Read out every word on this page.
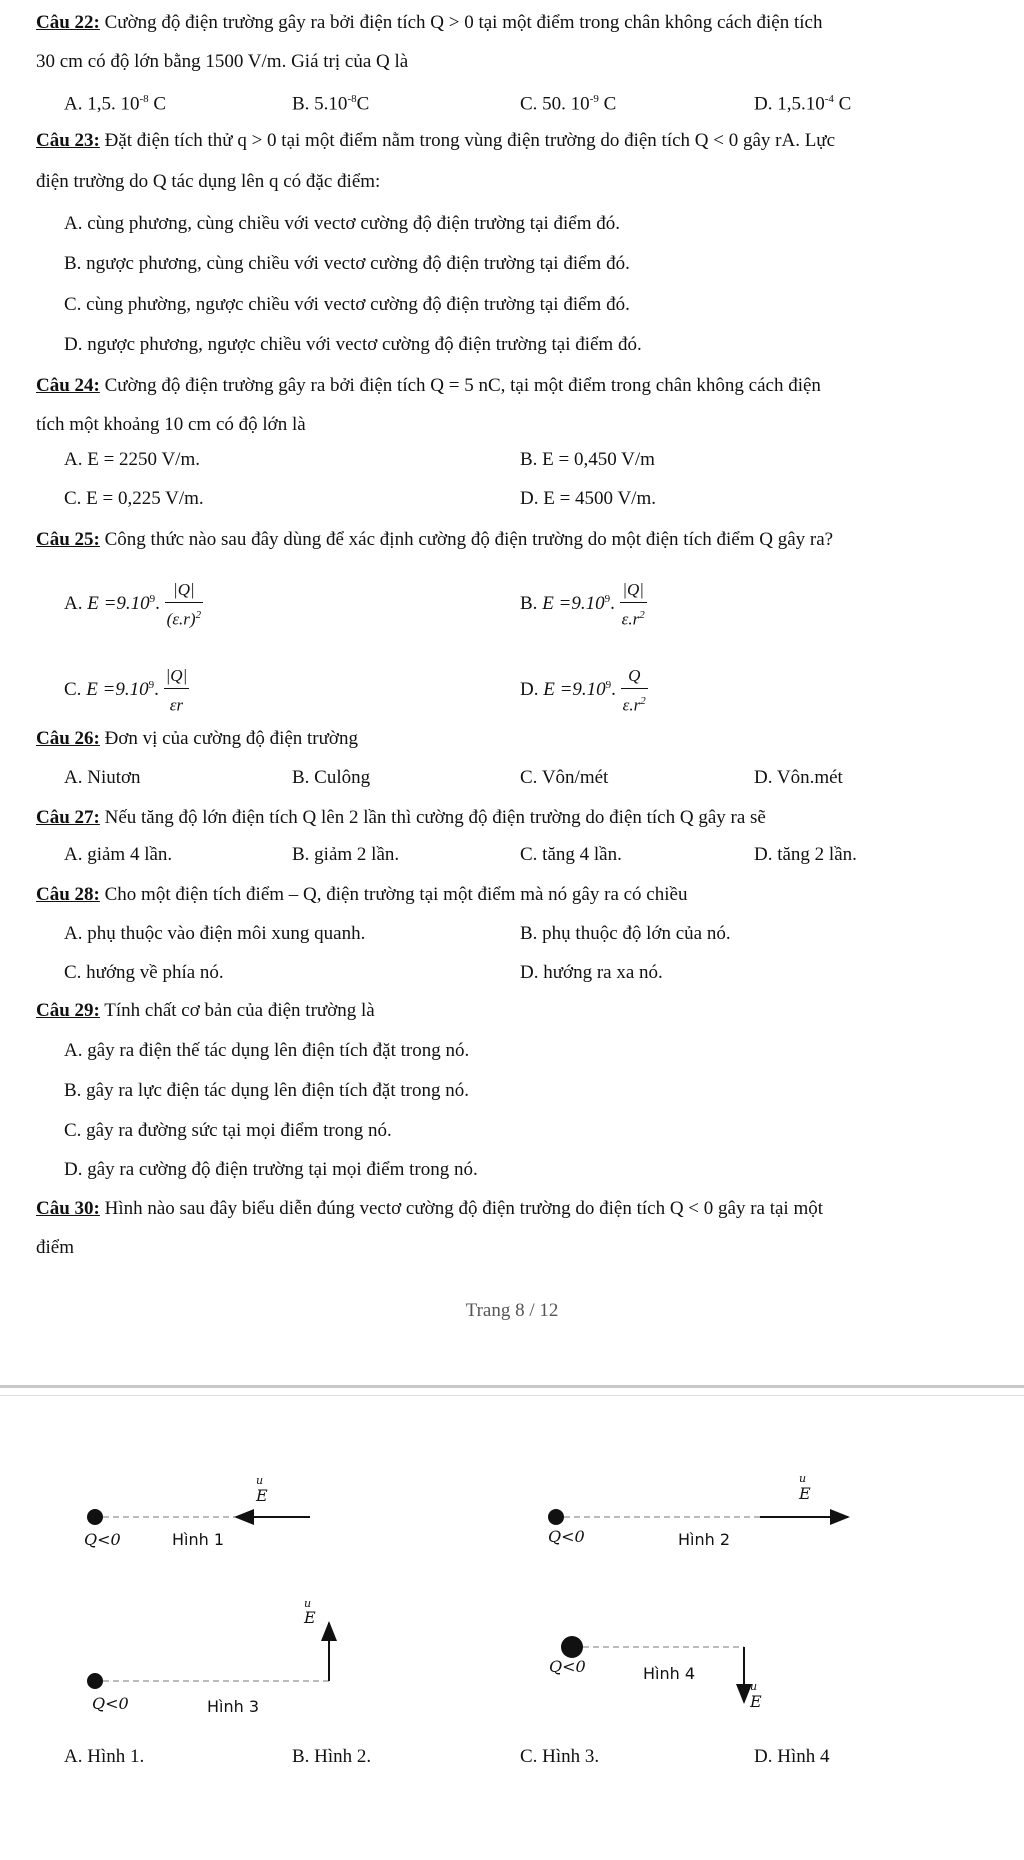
Câu 22: Cường độ điện trường gây ra bởi điện tích Q > 0 tại một điểm trong chân không cách điện tích
30 cm có độ lớn bằng 1500 V/m. Giá trị của Q là
A. 1,5. $10^{-8}$ C	B. $5.10^{-8}C$	C. 50. $10^{-9}$ C	D. $1,5.10^{-4}$ C
Câu 23: Đặt điện tích thử q > 0 tại một điểm nằm trong vùng điện trường do điện tích Q < 0 gây rA. Lực
điện trường do Q tác dụng lên q có đặc điểm:
A. cùng phương, cùng chiều với vectơ cường độ điện trường tại điểm đó.
B. ngược phương, cùng chiều với vectơ cường độ điện trường tại điểm đó.
C. cùng phường, ngược chiều với vectơ cường độ điện trường tại điểm đó.
D. ngược phương, ngược chiều với vectơ cường độ điện trường tại điểm đó.
Câu 24: Cường độ điện trường gây ra bởi điện tích Q = 5 nC, tại một điểm trong chân không cách điện
tích một khoảng 10 cm có độ lớn là
A. E = 2250 V/m.	B. E = 0,450 V/m
C. E = 0,225 V/m.	D. E = 4500 V/m.
Câu 25: Công thức nào sau đây dùng để xác định cường độ điện trường do một điện tích điểm Q gây ra?
A. $E =9.10^9$. $\frac{|Q|}{(\varepsilon.r)^2}$	B. $E =9.10^9$. $\frac{|Q|}{\varepsilon.r^2}$
C. $E =9.10^9$. $\frac{|Q|}{\varepsilon r}$	D. $E =9.10^9$. $\frac{Q}{\varepsilon.r^2}$
Câu 26: Đơn vị của cường độ điện trường
A. Niutơn	B. Culông	C. Vôn/mét	D. Vôn.mét
Câu 27: Nếu tăng độ lớn điện tích Q lên 2 lần thì cường độ điện trường do điện tích Q gây ra sẽ
A. giảm 4 lần.	B. giảm 2 lần.	C. tăng 4 lần.	D. tăng 2 lần.
Câu 28: Cho một điện tích điểm – Q, điện trường tại một điểm mà nó gây ra có chiều
A. phụ thuộc vào điện môi xung quanh.	B. phụ thuộc độ lớn của nó.
C. hướng về phía nó.	D. hướng ra xa nó.
Câu 29: Tính chất cơ bản của điện trường là
A. gây ra điện thế tác dụng lên điện tích đặt trong nó.
B. gây ra lực điện tác dụng lên điện tích đặt trong nó.
C. gây ra đường sức tại mọi điểm trong nó.
D. gây ra cường độ điện trường tại mọi điểm trong nó.
Câu 30: Hình nào sau đây biểu diễn đúng vectơ cường độ điện trường do điện tích Q < 0 gây ra tại một
điểm
Trang 8 / 12
Q<0	Hình 1
u
E
Q<0	Hình 2
u
E
Q<0	Hình 3
u
E
Q<0	Hình 4
u
E
A. Hình 1.	B. Hình 2.	C. Hình 3.	D. Hình 4
